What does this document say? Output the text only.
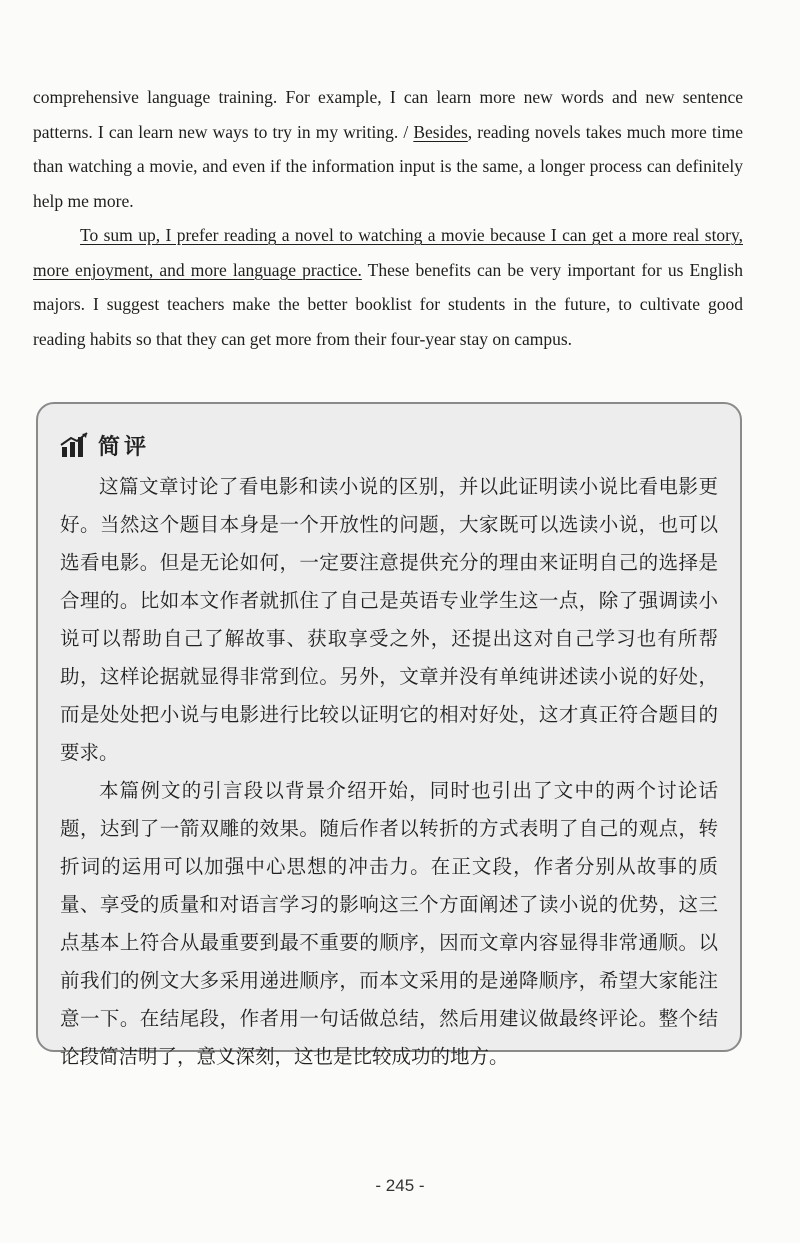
comprehensive language training. For example, I can learn more new words and new sentence patterns. I can learn new ways to try in my writing. / Besides, reading novels takes much more time than watching a movie, and even if the information input is the same, a longer process can definitely help me more.

To sum up, I prefer reading a novel to watching a movie because I can get a more real story, more enjoyment, and more language practice. These benefits can be very important for us English majors. I suggest teachers make the better booklist for students in the future, to cultivate good reading habits so that they can get more from their four-year stay on campus.

简评

这篇文章讨论了看电影和读小说的区别，并以此证明读小说比看电影更好。当然这个题目本身是一个开放性的问题，大家既可以选读小说，也可以选看电影。但是无论如何，一定要注意提供充分的理由来证明自己的选择是合理的。比如本文作者就抓住了自己是英语专业学生这一点，除了强调读小说可以帮助自己了解故事、获取享受之外，还提出这对自己学习也有所帮助，这样论据就显得非常到位。另外，文章并没有单纯讲述读小说的好处，而是处处把小说与电影进行比较以证明它的相对好处，这才真正符合题目的要求。

本篇例文的引言段以背景介绍开始，同时也引出了文中的两个讨论话题，达到了一箭双雕的效果。随后作者以转折的方式表明了自己的观点，转折词的运用可以加强中心思想的冲击力。在正文段，作者分别从故事的质量、享受的质量和对语言学习的影响这三个方面阐述了读小说的优势，这三点基本上符合从最重要到最不重要的顺序，因而文章内容显得非常通顺。以前我们的例文大多采用递进顺序，而本文采用的是递降顺序，希望大家能注意一下。在结尾段，作者用一句话做总结，然后用建议做最终评论。整个结论段简洁明了，意义深刻，这也是比较成功的地方。

- 245 -
